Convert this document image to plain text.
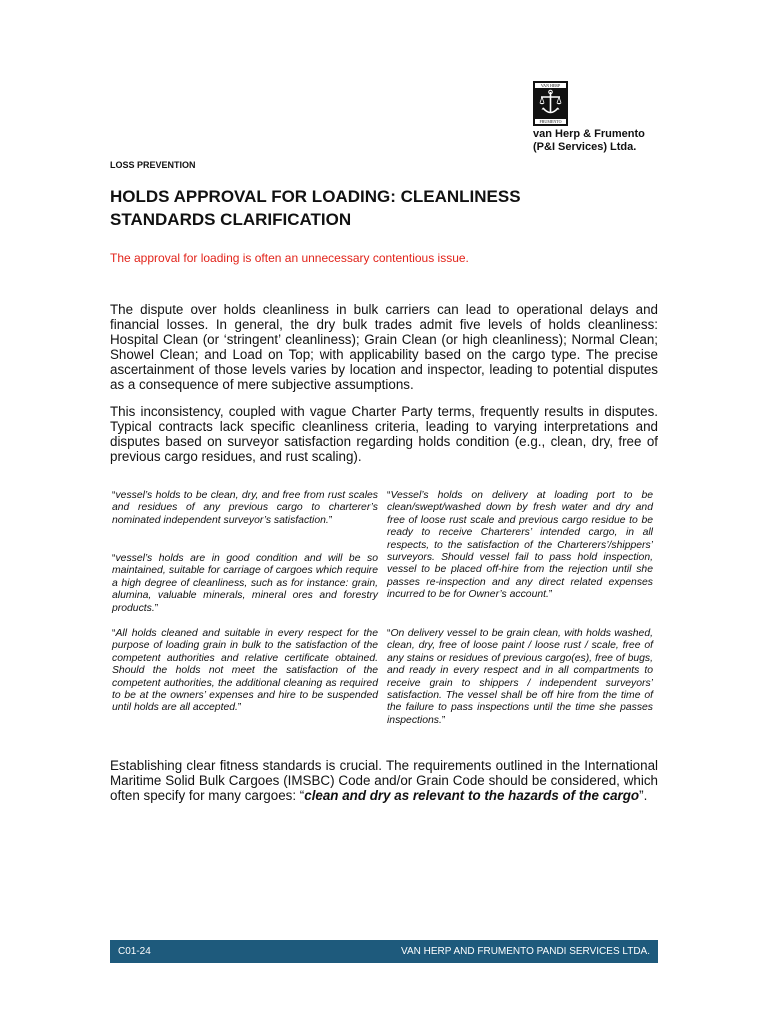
VAN HERP
FRUMENTO
van Herp & Frumento
(P&I Services) Ltda.
LOSS PREVENTION
HOLDS APPROVAL FOR LOADING: CLEANLINESS STANDARDS CLARIFICATION
The approval for loading is often an unnecessary contentious issue.
The dispute over holds cleanliness in bulk carriers can lead to operational delays and financial losses. In general, the dry bulk trades admit five levels of holds cleanliness: Hospital Clean (or ‘stringent’ cleanliness); Grain Clean (or high cleanliness); Normal Clean; Showel Clean; and Load on Top; with applicability based on the cargo type. The precise ascertainment of those levels varies by location and inspector, leading to potential disputes as a consequence of mere subjective assumptions.
This inconsistency, coupled with vague Charter Party terms, frequently results in disputes. Typical contracts lack specific cleanliness criteria, leading to varying interpretations and disputes based on surveyor satisfaction regarding holds condition (e.g., clean, dry, free of previous cargo residues, and rust scaling).
“vessel’s holds to be clean, dry, and free from rust scales and residues of any previous cargo to charterer’s nominated independent surveyor’s satisfaction.”
“vessel’s holds are in good condition and will be so maintained, suitable for carriage of cargoes which require a high degree of cleanliness, such as for instance: grain, alumina, valuable minerals, mineral ores and forestry products.”
“All holds cleaned and suitable in every respect for the purpose of loading grain in bulk to the satisfaction of the competent authorities and relative certificate obtained. Should the holds not meet the satisfaction of the competent authorities, the additional cleaning as required to be at the owners’ expenses and hire to be suspended until holds are all accepted.”
“Vessel’s holds on delivery at loading port to be clean/swept/washed down by fresh water and dry and free of loose rust scale and previous cargo residue to be ready to receive Charterers’ intended cargo, in all respects, to the satisfaction of the Charterers’/shippers’ surveyors. Should vessel fail to pass hold inspection, vessel to be placed off-hire from the rejection until she passes re-inspection and any direct related expenses incurred to be for Owner’s account.”
“On delivery vessel to be grain clean, with holds washed, clean, dry, free of loose paint / loose rust / scale, free of any stains or residues of previous cargo(es), free of bugs, and ready in every respect and in all compartments to receive grain to shippers / independent surveyors’ satisfaction. The vessel shall be off hire from the time of the failure to pass inspections until the time she passes inspections.”
Establishing clear fitness standards is crucial. The requirements outlined in the International Maritime Solid Bulk Cargoes (IMSBC) Code and/or Grain Code should be considered, which often specify for many cargoes: “clean and dry as relevant to the hazards of the cargo”.
C01-24	VAN HERP AND FRUMENTO PANDI SERVICES LTDA.
